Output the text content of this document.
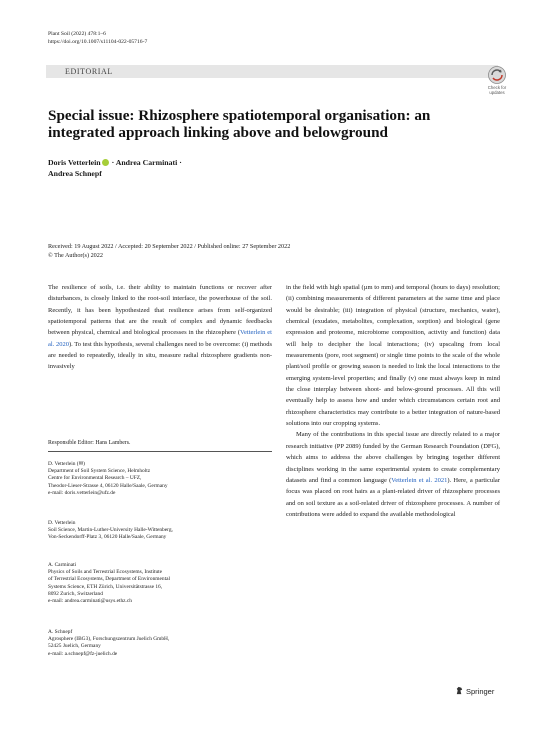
Plant Soil (2022) 478:1–6
https://doi.org/10.1007/s11104-022-05716-7
EDITORIAL
Check for
updates
Special issue: Rhizosphere spatiotemporal organisation: an integrated approach linking above and belowground
Doris Vetterlein · Andrea Carminati ·
Andrea Schnepf
Received: 19 August 2022 / Accepted: 20 September 2022 / Published online: 27 September 2022
© The Author(s) 2022

The resilience of soils, i.e. their ability to maintain functions or recover after disturbances, is closely linked to the root-soil interface, the powerhouse of the soil. Recently, it has been hypothesized that resilience arises from self-organized spatiotemporal patterns that are the result of complex and dynamic feedbacks between physical, chemical and biological processes in the rhizosphere (Vetterlein et al. 2020). To test this hypothesis, several challenges need to be overcome: (i) methods are needed to repeatedly, ideally in situ, measure radial rhizosphere gradients non-invasively

Responsible Editor: Hans Lambers.

D. Vetterlein (✉)

Department of Soil System Science, Helmholtz

Centre for Environmental Research – UFZ,

Theodor-Lieser-Strasse 4, 06120 Halle/Saale, Germany

e-mail: doris.vetterlein@ufz.de

D. Vetterlein

Soil Science, Martin-Luther-University Halle-Wittenberg,

Von-Seckendorff-Platz 3, 06120 Halle/Saale, Germany

A. Carminati

Physics of Soils and Terrestrial Ecosystems, Institute

of Terrestrial Ecosystems, Department of Environmental

Systems Science, ETH Zürich, Universitätstrasse 16,

8092 Zurich, Switzerland

e-mail: andrea.carminati@usys.ethz.ch

A. Schnepf

Agrosphere (IBG3), Forschungszentrum Juelich GmbH,

52425 Juelich, Germany

e-mail: a.schnepf@fz-juelich.de

in the field with high spatial (µm to mm) and temporal (hours to days) resolution; (ii) combining measurements of different parameters at the same time and place would be desirable; (iii) integration of physical (structure, mechanics, water), chemical (exudates, metabolites, complexation, sorption) and biological (gene expression and proteome, microbiome composition, activity and function) data will help to decipher the local interactions; (iv) upscaling from local measurements (pore, root segment) or single time points to the scale of the whole plant/soil profile or growing season is needed to link the local interactions to the emerging system-level properties; and finally (v) one must always keep in mind the close interplay between shoot- and below-ground processes. All this will eventually help to assess how and under which circumstances certain root and rhizosphere characteristics may contribute to a better integration of nature-based solutions into our cropping systems.

Many of the contributions in this special issue are directly related to a major research initiative (PP 2089) funded by the German Research Foundation (DFG), which aims to address the above challenges by bringing together different disciplines working in the same experimental system to create complementary datasets and find a common language (Vetterlein et al. 2021). Here, a particular focus was placed on root hairs as a plant-related driver of rhizosphere processes and on soil texture as a soil-related driver of rhizosphere processes. A number of contributions were added to expand the available methodological

Springer
